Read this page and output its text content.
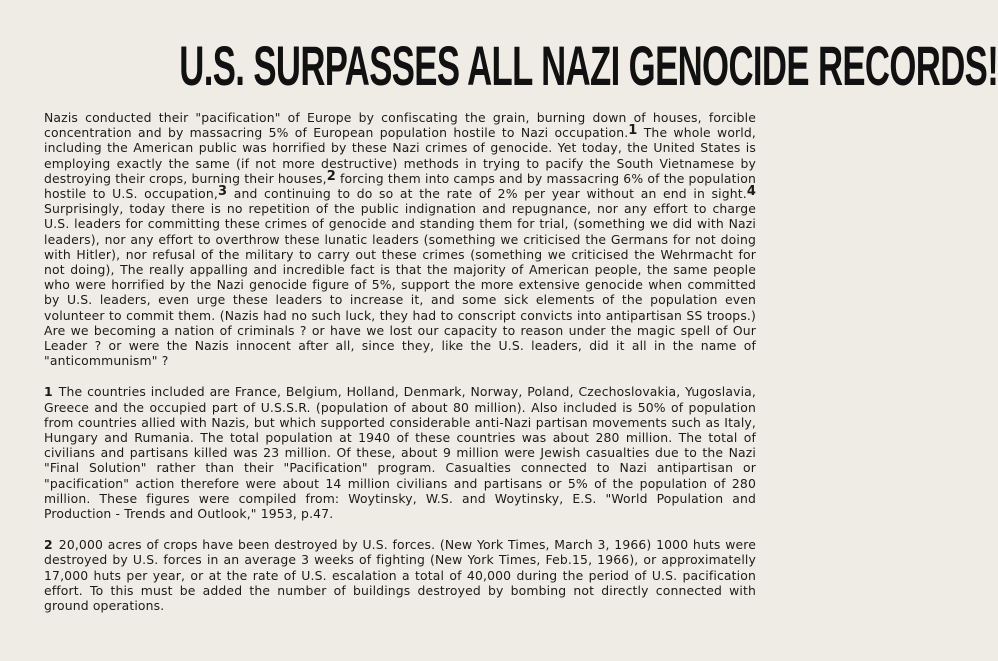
U.S. SURPASSES ALL NAZI GENOCIDE RECORDS!

Nazis conducted their "pacification" of Europe by confiscating the grain, burning down of houses, forcible concentration and by massacring 5% of European population hostile to Nazi occupation.$^1$ The whole world, including the American public was horrified by these Nazi crimes of genocide. Yet today, the United States is employing exactly the same (if not more destructive) methods in trying to pacify the South Vietnamese by destroying their crops, burning their houses,$^2$ forcing them into camps and by massacring 6% of the population hostile to U.S. occupation,$^3$ and continuing to do so at the rate of 2% per year without an end in sight.$^4$ Surprisingly, today there is no repetition of the public indignation and repugnance, nor any effort to charge U.S. leaders for committing these crimes of genocide and standing them for trial, (something we did with Nazi leaders), nor any effort to overthrow these lunatic leaders (something we criticised the Germans for not doing with Hitler), nor refusal of the military to carry out these crimes (something we criticised the Wehrmacht for not doing), The really appalling and incredible fact is that the majority of American people, the same people who were horrified by the Nazi genocide figure of 5%, support the more extensive genocide when committed by U.S. leaders, even urge these leaders to increase it, and some sick elements of the population even volunteer to commit them. (Nazis had no such luck, they had to conscript convicts into antipartisan SS troops.) Are we becoming a nation of criminals ? or have we lost our capacity to reason under the magic spell of Our Leader ? or were the Nazis innocent after all, since they, like the U.S. leaders, did it all in the name of "anticommunism" ?

1 The countries included are France, Belgium, Holland, Denmark, Norway, Poland, Czechoslovakia, Yugoslavia, Greece and the occupied part of U.S.S.R. (population of about 80 million). Also included is 50% of population from countries allied with Nazis, but which supported considerable anti-Nazi partisan movements such as Italy, Hungary and Rumania. The total population at 1940 of these countries was about 280 million. The total of civilians and partisans killed was 23 million. Of these, about 9 million were Jewish casualties due to the Nazi "Final Solution" rather than their "Pacification" program. Casualties connected to Nazi antipartisan or "pacification" action therefore were about 14 million civilians and partisans or 5% of the population of 280 million. These figures were compiled from: Woytinsky, W.S. and Woytinsky, E.S. "World Population and Production - Trends and Outlook," 1953, p.47.

2 20,000 acres of crops have been destroyed by U.S. forces. (New York Times, March 3, 1966) 1000 huts were destroyed by U.S. forces in an average 3 weeks of fighting (New York Times, Feb.15, 1966), or approximatelly 17,000 huts per year, or at the rate of U.S. escalation a total of 40,000 during the period of U.S. pacification effort. To this must be added the number of buildings destroyed by bombing not directly connected with ground operations.
